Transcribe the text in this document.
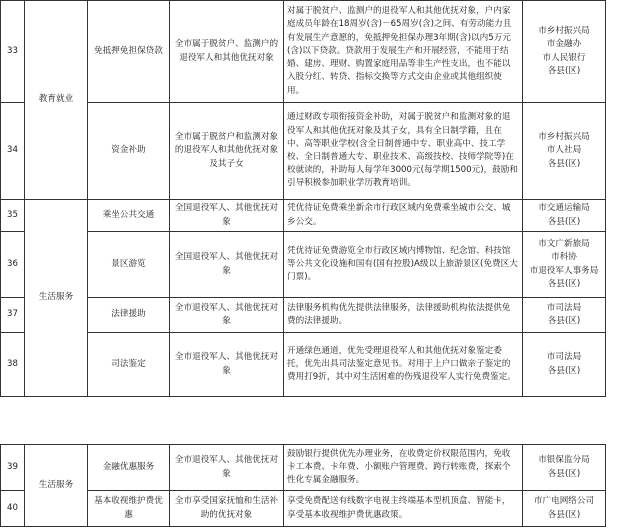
33	教育就业	免抵押免担保贷款	全市属于脱贫户、监测户的退役军人和其他优抚对象	对属于脱贫户、监测户的退役军人和其他优抚对象，户内家庭成员年龄在18周岁(含)－65周岁(含)之间、有劳动能力且有发展生产意愿的，免抵押免担保办理3年期(含)以内5万元(含)以下贷款。贷款用于发展生产和开展经营，不能用于结婚、建房、理财、购置家庭用品等非生产性支出，也不能以入股分红、转贷、指标交换等方式交由企业或其他组织使用。	市乡村振兴局
市金融办
市人民银行
各县(区)	
34		资金补助	全市属于脱贫户和监测对象的退役军人和其他优抚对象及其子女	通过财政专项衔接资金补助，对属于脱贫户和监测对象的退役军人和其他优抚对象及其子女，具有全日制学籍，且在中、高等职业学校(含全日制普通中专、职业高中、技工学校、全日制普通大专、职业技术、高级技校、技师学院等)在校就读的，补助每人每学年3000元(每学期1500元)，鼓励和引导积极参加职业学历教育培训。	市乡村振兴局
市人社局
各县(区)	
35	生活服务	乘坐公共交通	全国退役军人、其他优抚对象	凭优待证免费乘坐新余市行政区域内免费乘坐城市公交、城乡公交。	市交通运输局
各县(区)	
36		景区游览	全国退役军人、其他优抚对象	凭优待证免费游览全市行政区域内博物馆、纪念馆、科技馆等公共文化设施和国有(国有控股)A级以上旅游景区(免费区大门票)。	市文广新旅局
市科协
市退役军人事务局
各县(区)	
37		法律援助	全市退役军人、其他优抚对象	法律服务机构优先提供法律服务，法律援助机构依法提供免费的法律援助。	市司法局
各县(区)	
38		司法鉴定	全市退役军人、其他优抚对象	开通绿色通道，优先受理退役军人和其他优抚对象鉴定委托，优先出具司法鉴定意见书。对用于上户口做亲子鉴定的费用打9折，其中对生活困难的伤残退役军人实行免费鉴定。	市司法局
各县(区)	
39	生活服务	金融优惠服务	全市退役军人、其他优抚对象	鼓励银行提供优先办理业务，在收费定价权限范围内，免收卡工本费、卡年费、小额账户管理费、跨行转账费，探索个性化专属金融服务。	市银保监分局
各县(区)	
40		基本收视维护费优惠	全市享受国家抚恤和生活补助的优抚对象	享受免费配送有线数字电视主终端基本型机顶盒、智能卡，享受基本收视维护费优惠政策。	市广电网络公司
各县(区)	
